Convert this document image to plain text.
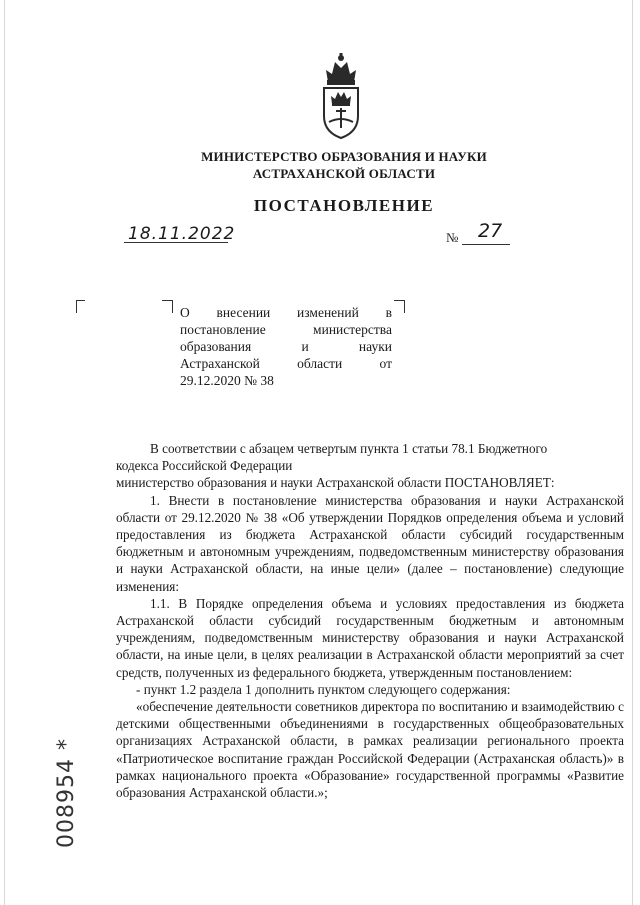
МИНИСТЕРСТВО ОБРАЗОВАНИЯ И НАУКИ
АСТРАХАНСКОЙ ОБЛАСТИ
ПОСТАНОВЛЕНИЕ
18.11.2022	№ 27
О внесении изменений в
постановление министерства
образования и науки
Астраханской области от
29.12.2020 № 38

В соответствии с абзацем четвертым пункта 1 статьи 78.1 Бюджетного

кодекса Российской Федерации

министерство образования и науки Астраханской области ПОСТАНОВЛЯЕТ:

1. Внести в постановление министерства образования и науки Астраханской области от 29.12.2020 № 38 «Об утверждении Порядков определения объема и условий предоставления из бюджета Астраханской области субсидий государственным бюджетным и автономным учреждениям, подведомственным министерству образования и науки Астраханской области, на иные цели» (далее – постановление) следующие изменения:

1.1. В Порядке определения объема и условиях предоставления из бюджета Астраханской области субсидий государственным бюджетным и автономным учреждениям, подведомственным министерству образования и науки Астраханской области, на иные цели, в целях реализации в Астраханской области мероприятий за счет средств, полученных из федерального бюджета, утвержденным постановлением:

- пункт 1.2 раздела 1 дополнить пунктом следующего содержания:

«обеспечение деятельности советников директора по воспитанию и взаимодействию с детскими общественными объединениями в государственных общеобразовательных организациях Астраханской области, в рамках реализации регионального проекта «Патриотическое воспитание граждан Российской Федерации (Астраханская область)» в рамках национального проекта «Образование» государственной программы «Развитие образования Астраханской области.»;

008954 *
